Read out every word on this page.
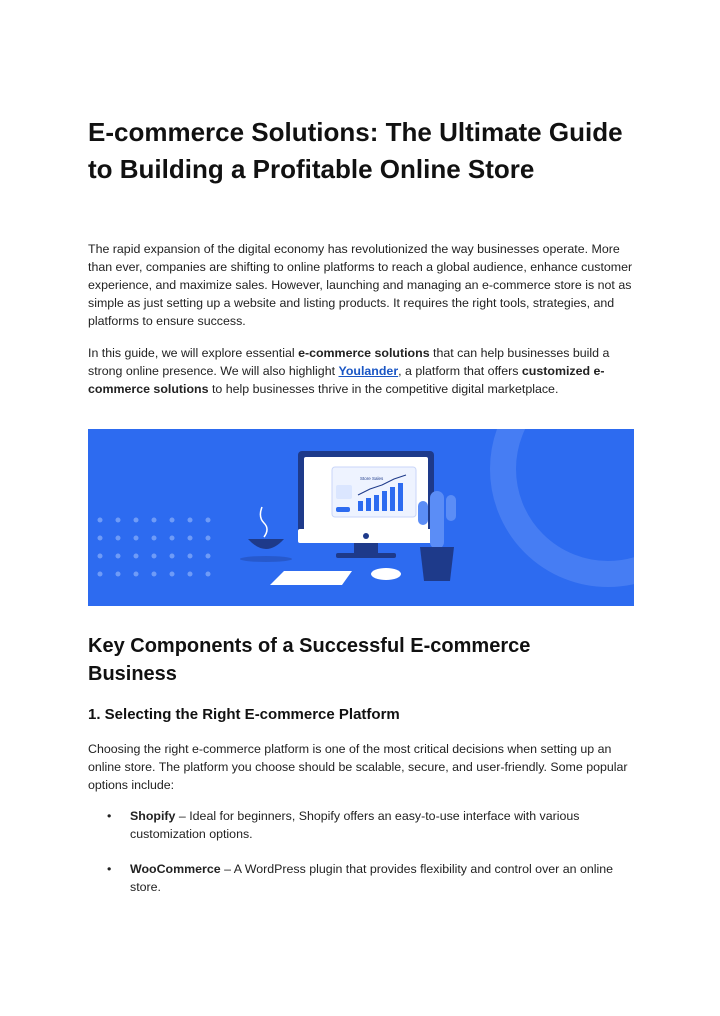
E-commerce Solutions: The Ultimate Guide to Building a Profitable Online Store

The rapid expansion of the digital economy has revolutionized the way businesses operate. More than ever, companies are shifting to online platforms to reach a global audience, enhance customer experience, and maximize sales. However, launching and managing an e-commerce store is not as simple as just setting up a website and listing products. It requires the right tools, strategies, and platforms to ensure success.

In this guide, we will explore essential e-commerce solutions that can help businesses build a strong online presence. We will also highlight Youlander, a platform that offers customized e-commerce solutions to help businesses thrive in the competitive digital marketplace.

Store Sales
Key Components of a Successful E-commerce Business
1. Selecting the Right E-commerce Platform

Choosing the right e-commerce platform is one of the most critical decisions when setting up an online store. The platform you choose should be scalable, secure, and user-friendly. Some popular options include:

• Shopify – Ideal for beginners, Shopify offers an easy-to-use interface with various customization options.
• WooCommerce – A WordPress plugin that provides flexibility and control over an online store.
